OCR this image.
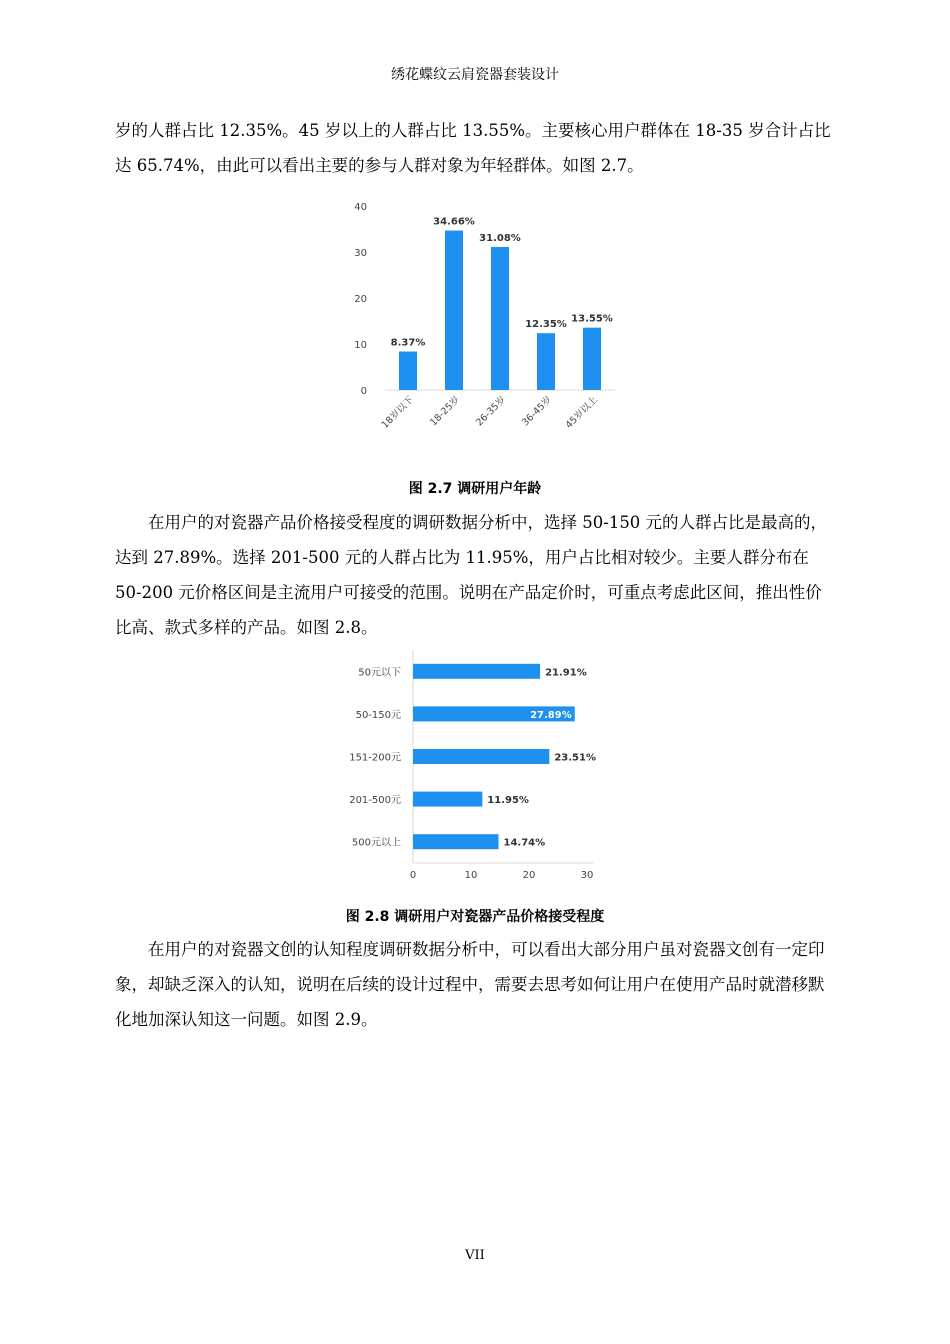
绣花蝶纹云肩瓷器套装设计

岁的人群占比 12.35%。45 岁以上的人群占比 13.55%。主要核心用户群体在 18-35 岁合计占比达 65.74%，由此可以看出主要的参与人群对象为年轻群体。如图 2.7。

0
10
20
30
40
8.37%
18岁以下
34.66%
18-25岁
31.08%
26-35岁
12.35%
36-45岁
13.55%
45岁以上
图 2.7 调研用户年龄

在用户的对瓷器产品价格接受程度的调研数据分析中，选择 50-150 元的人群占比是最高的，达到 27.89%。选择 201-500 元的人群占比为 11.95%，用户占比相对较少。主要人群分布在 50-200 元价格区间是主流用户可接受的范围。说明在产品定价时，可重点考虑此区间，推出性价比高、款式多样的产品。如图 2.8。

0	10	20	30
50元以下	21.91%
50-150元	27.89%
151-200元	23.51%
201-500元	11.95%
500元以上	14.74%
图 2.8 调研用户对瓷器产品价格接受程度

在用户的对瓷器文创的认知程度调研数据分析中，可以看出大部分用户虽对瓷器文创有一定印象，却缺乏深入的认知，说明在后续的设计过程中，需要去思考如何让用户在使用产品时就潜移默化地加深认知这一问题。如图 2.9。

VII
